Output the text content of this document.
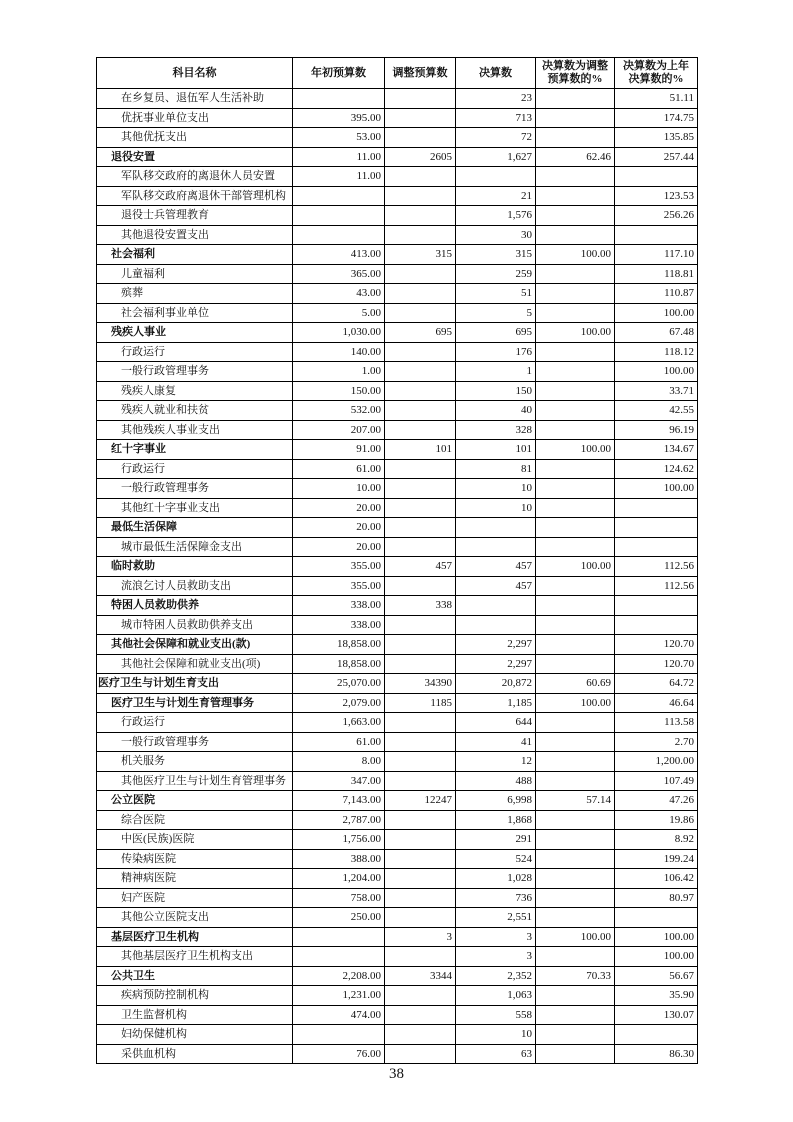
科目名称	年初预算数	调整预算数	决算数	决算数为调整预算数的%	决算数为上年决算数的%
在乡复员、退伍军人生活补助			23		51.11
优抚事业单位支出	395.00		713		174.75
其他优抚支出	53.00		72		135.85
退役安置	11.00	2605	1,627	62.46	257.44
军队移交政府的离退休人员安置	11.00				
军队移交政府离退休干部管理机构			21		123.53
退役士兵管理教育			1,576		256.26
其他退役安置支出			30		
社会福利	413.00	315	315	100.00	117.10
儿童福利	365.00		259		118.81
殡葬	43.00		51		110.87
社会福利事业单位	5.00		5		100.00
残疾人事业	1,030.00	695	695	100.00	67.48
行政运行	140.00		176		118.12
一般行政管理事务	1.00		1		100.00
残疾人康复	150.00		150		33.71
残疾人就业和扶贫	532.00		40		42.55
其他残疾人事业支出	207.00		328		96.19
红十字事业	91.00	101	101	100.00	134.67
行政运行	61.00		81		124.62
一般行政管理事务	10.00		10		100.00
其他红十字事业支出	20.00		10		
最低生活保障	20.00				
城市最低生活保障金支出	20.00				
临时救助	355.00	457	457	100.00	112.56
流浪乞讨人员救助支出	355.00		457		112.56
特困人员救助供养	338.00	338			
城市特困人员救助供养支出	338.00				
其他社会保障和就业支出(款)	18,858.00		2,297		120.70
其他社会保障和就业支出(项)	18,858.00		2,297		120.70
医疗卫生与计划生育支出	25,070.00	34390	20,872	60.69	64.72
医疗卫生与计划生育管理事务	2,079.00	1185	1,185	100.00	46.64
行政运行	1,663.00		644		113.58
一般行政管理事务	61.00		41		2.70
机关服务	8.00		12		1,200.00
其他医疗卫生与计划生育管理事务	347.00		488		107.49
公立医院	7,143.00	12247	6,998	57.14	47.26
综合医院	2,787.00		1,868		19.86
中医(民族)医院	1,756.00		291		8.92
传染病医院	388.00		524		199.24
精神病医院	1,204.00		1,028		106.42
妇产医院	758.00		736		80.97
其他公立医院支出	250.00		2,551		
基层医疗卫生机构		3	3	100.00	100.00
其他基层医疗卫生机构支出			3		100.00
公共卫生	2,208.00	3344	2,352	70.33	56.67
疾病预防控制机构	1,231.00		1,063		35.90
卫生监督机构	474.00		558		130.07
妇幼保健机构			10		
采供血机构	76.00		63		86.30
38
